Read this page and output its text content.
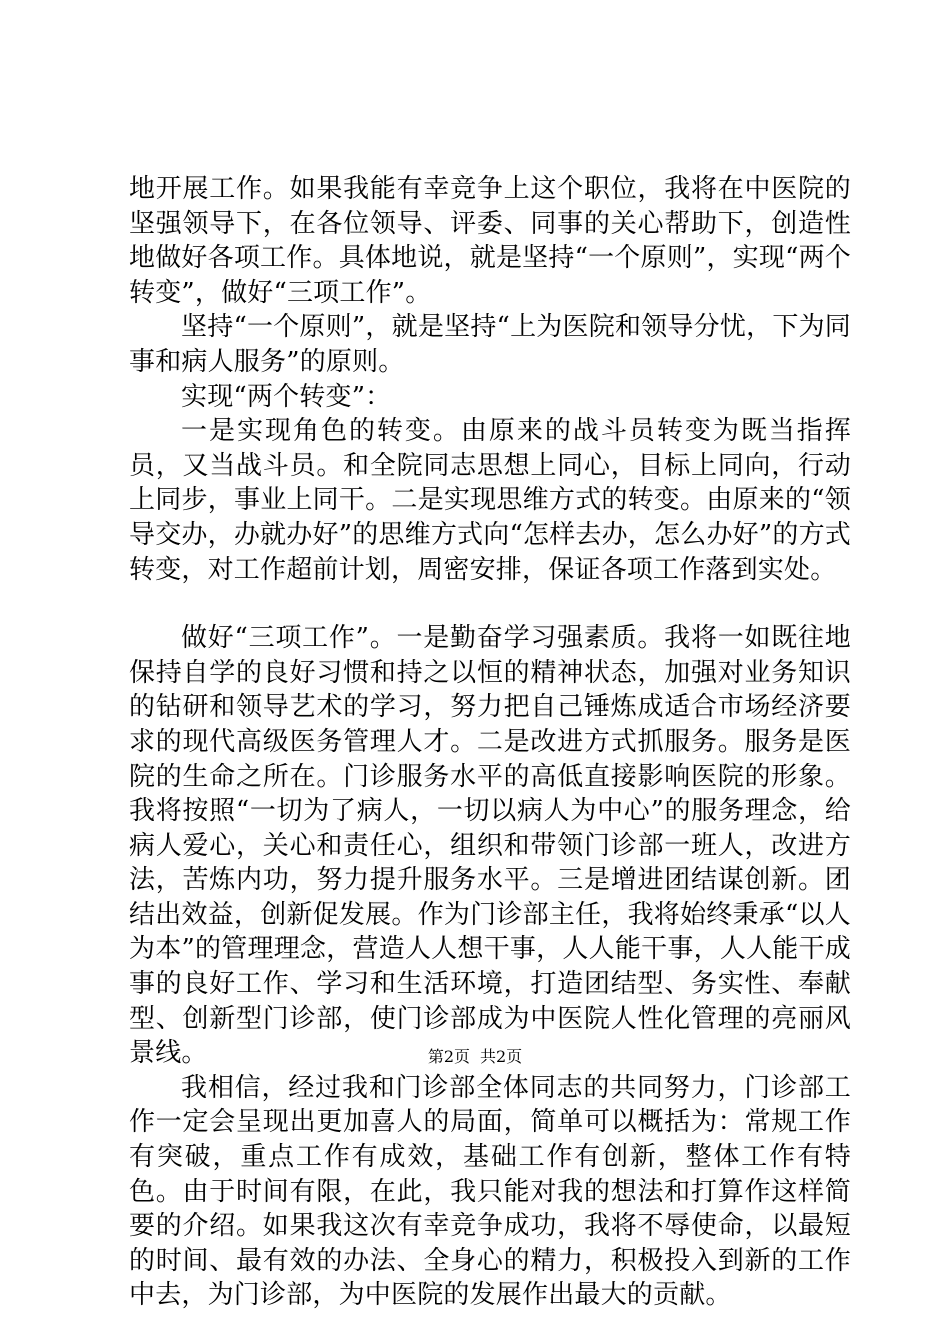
地开展工作。如果我能有幸竞争上这个职位，我将在中医院的坚强领导下，在各位领导、评委、同事的关心帮助下，创造性地做好各项工作。具体地说，就是坚持“一个原则”，实现“两个转变”，做好“三项工作”。

坚持“一个原则”，就是坚持“上为医院和领导分忧，下为同事和病人服务”的原则。

实现“两个转变”：

一是实现角色的转变。由原来的战斗员转变为既当指挥员，又当战斗员。和全院同志思想上同心，目标上同向，行动上同步，事业上同干。二是实现思维方式的转变。由原来的“领导交办，办就办好”的思维方式向“怎样去办，怎么办好”的方式转变，对工作超前计划，周密安排，保证各项工作落到实处。

做好“三项工作”。一是勤奋学习强素质。我将一如既往地保持自学的良好习惯和持之以恒的精神状态，加强对业务知识的钻研和领导艺术的学习，努力把自己锤炼成适合市场经济要求的现代高级医务管理人才。二是改进方式抓服务。服务是医院的生命之所在。门诊服务水平的高低直接影响医院的形象。我将按照“一切为了病人，一切以病人为中心”的服务理念，给病人爱心，关心和责任心，组织和带领门诊部一班人，改进方法，苦炼内功，努力提升服务水平。三是增进团结谋创新。团结出效益，创新促发展。作为门诊部主任，我将始终秉承“以人为本”的管理理念，营造人人想干事，人人能干事，人人能干成事的良好工作、学习和生活环境，打造团结型、务实性、奉献型、创新型门诊部，使门诊部成为中医院人性化管理的亮丽风景线。

我相信，经过我和门诊部全体同志的共同努力，门诊部工作一定会呈现出更加喜人的局面，简单可以概括为：常规工作有突破，重点工作有成效，基础工作有创新，整体工作有特色。由于时间有限，在此，我只能对我的想法和打算作这样简要的介绍。如果我这次有幸竞争成功，我将不辱使命，以最短的时间、最有效的办法、全身心的精力，积极投入到新的工作中去，为门诊部，为中医院的发展作出最大的贡献。

第2页 共2页
